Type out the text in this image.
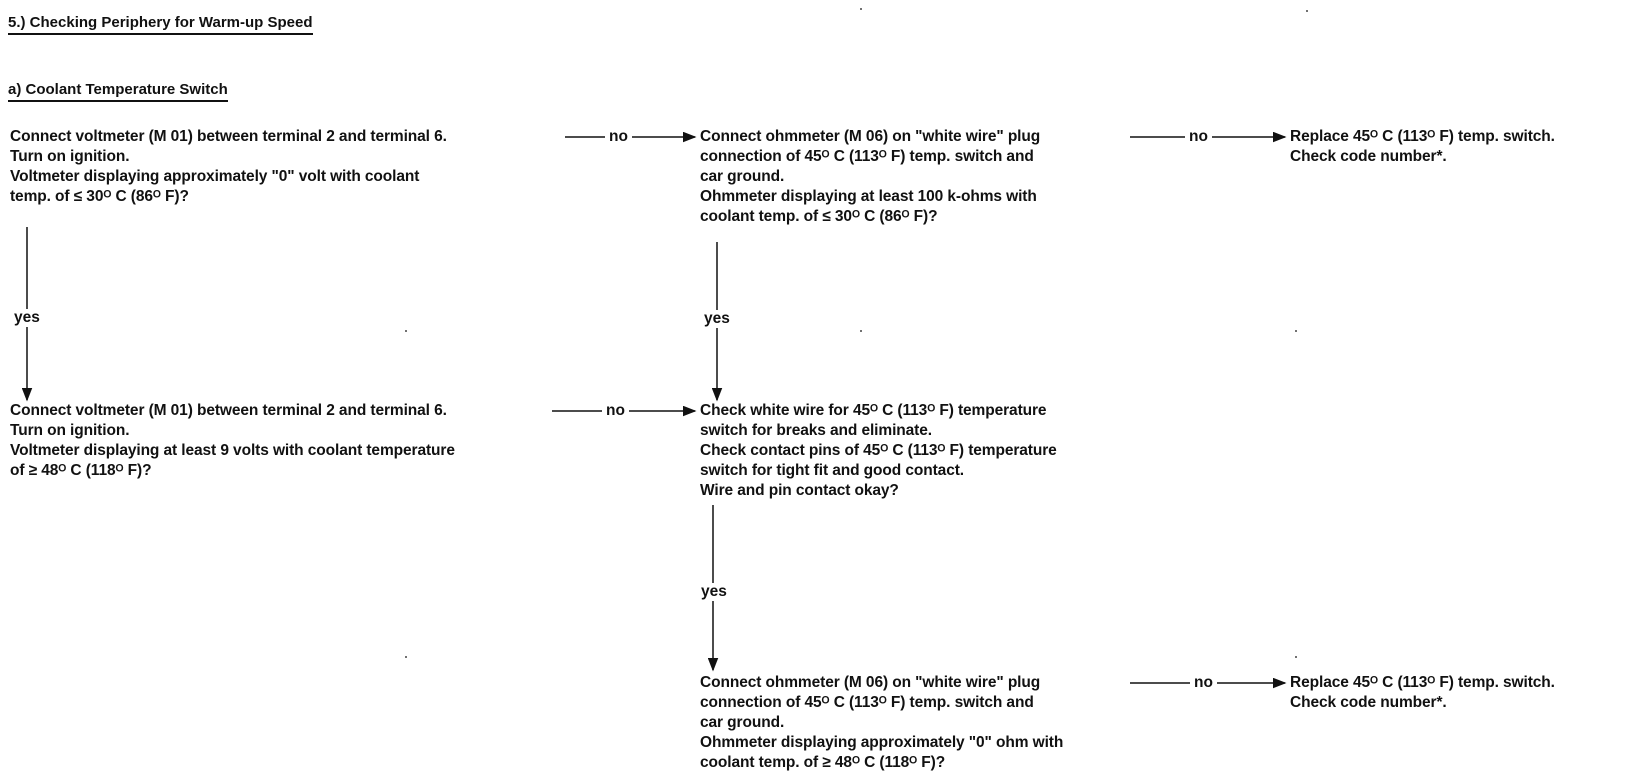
5.) Checking Periphery for Warm-up Speed
a) Coolant Temperature Switch
no	no
no
no
yes	yes
yes
Connect voltmeter (M 01) between terminal 2 and terminal 6.
Turn on ignition.
Voltmeter displaying approximately "0" volt with coolant
temp. of ≤ 30ᴼ C (86ᴼ F)?
Connect ohmmeter (M 06) on "white wire" plug
connection of 45ᴼ C (113ᴼ F) temp. switch and
car ground.
Ohmmeter displaying at least 100 k-ohms with
coolant temp. of ≤ 30ᴼ C (86ᴼ F)?
Replace 45ᴼ C (113ᴼ F) temp. switch.
Check code number*.
Connect voltmeter (M 01) between terminal 2 and terminal 6.
Turn on ignition.
Voltmeter displaying at least 9 volts with coolant temperature
of ≥ 48ᴼ C (118ᴼ F)?
Check white wire for 45ᴼ C (113ᴼ F) temperature
switch for breaks and eliminate.
Check contact pins of 45ᴼ C (113ᴼ F) temperature
switch for tight fit and good contact.
Wire and pin contact okay?
Connect ohmmeter (M 06) on "white wire" plug
connection of 45ᴼ C (113ᴼ F) temp. switch and
car ground.
Ohmmeter displaying approximately "0" ohm with
coolant temp. of ≥ 48ᴼ C (118ᴼ F)?
Replace 45ᴼ C (113ᴼ F) temp. switch.
Check code number*.
